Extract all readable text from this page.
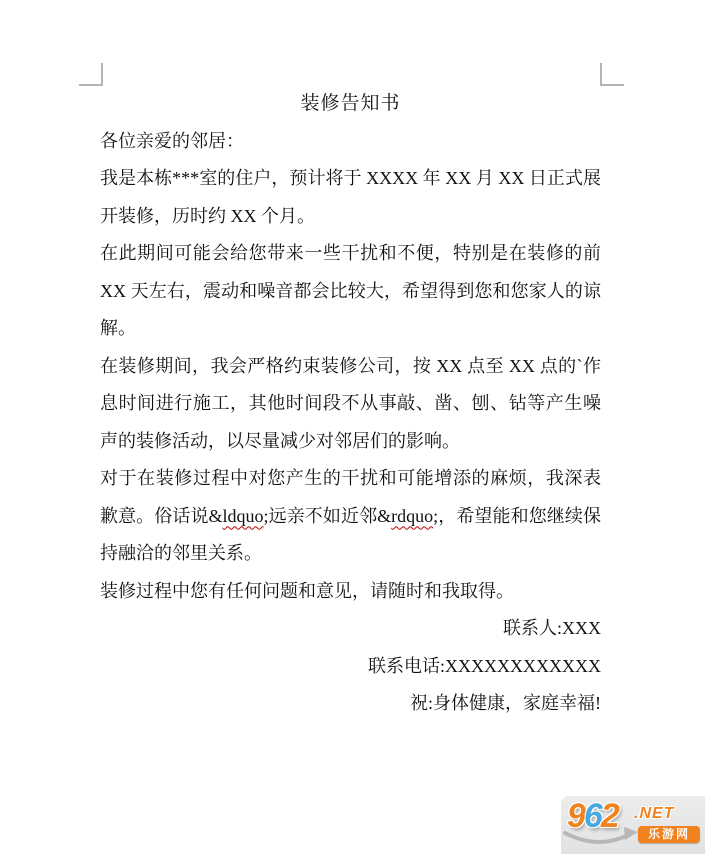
装修告知书

各位亲爱的邻居：

我是本栋***室的住户，预计将于 XXXX 年 XX 月 XX 日正式展开装修，历时约 XX 个月。

在此期间可能会给您带来一些干扰和不便，特别是在装修的前 XX 天左右，震动和噪音都会比较大，希望得到您和您家人的谅解。

在装修期间，我会严格约束装修公司，按 XX 点至 XX 点的`作息时间进行施工，其他时间段不从事敲、凿、刨、钻等产生噪声的装修活动，以尽量减少对邻居们的影响。

对于在装修过程中对您产生的干扰和可能增添的麻烦，我深表歉意。俗话说&ldquo;远亲不如近邻&rdquo;，希望能和您继续保持融洽的邻里关系。

装修过程中您有任何问题和意见，请随时和我取得。

联系人:XXX

联系电话:XXXXXXXXXXXX

祝:身体健康，家庭幸福!

962 .NET
乐游网
